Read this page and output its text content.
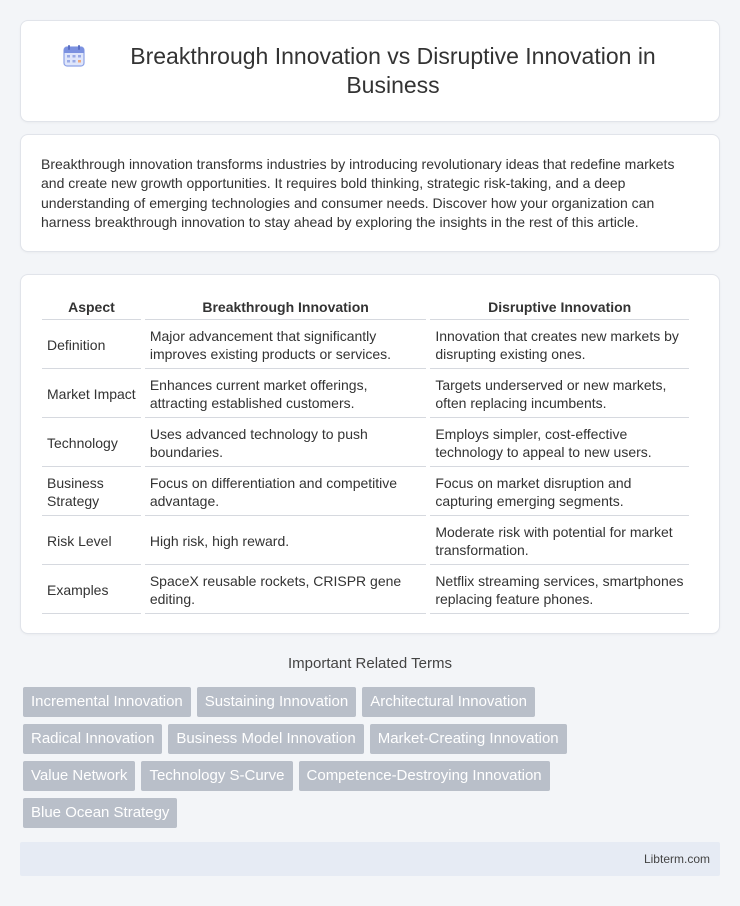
Breakthrough Innovation vs Disruptive Innovation in Business

Breakthrough innovation transforms industries by introducing revolutionary ideas that redefine markets and create new growth opportunities. It requires bold thinking, strategic risk-taking, and a deep understanding of emerging technologies and consumer needs. Discover how your organization can harness breakthrough innovation to stay ahead by exploring the insights in the rest of this article.

Aspect	Breakthrough Innovation	Disruptive Innovation
Definition	Major advancement that significantly improves existing products or services.	Innovation that creates new markets by disrupting existing ones.
Market Impact	Enhances current market offerings, attracting established customers.	Targets underserved or new markets, often replacing incumbents.
Technology	Uses advanced technology to push boundaries.	Employs simpler, cost-effective technology to appeal to new users.
Business Strategy	Focus on differentiation and competitive advantage.	Focus on market disruption and capturing emerging segments.
Risk Level	High risk, high reward.	Moderate risk with potential for market transformation.
Examples	SpaceX reusable rockets, CRISPR gene editing.	Netflix streaming services, smartphones replacing feature phones.
Important Related Terms
Incremental Innovation	Sustaining Innovation	Architectural Innovation
Radical Innovation	Business Model Innovation	Market-Creating Innovation
Value Network	Technology S-Curve	Competence-Destroying Innovation
Blue Ocean Strategy
Libterm.com
